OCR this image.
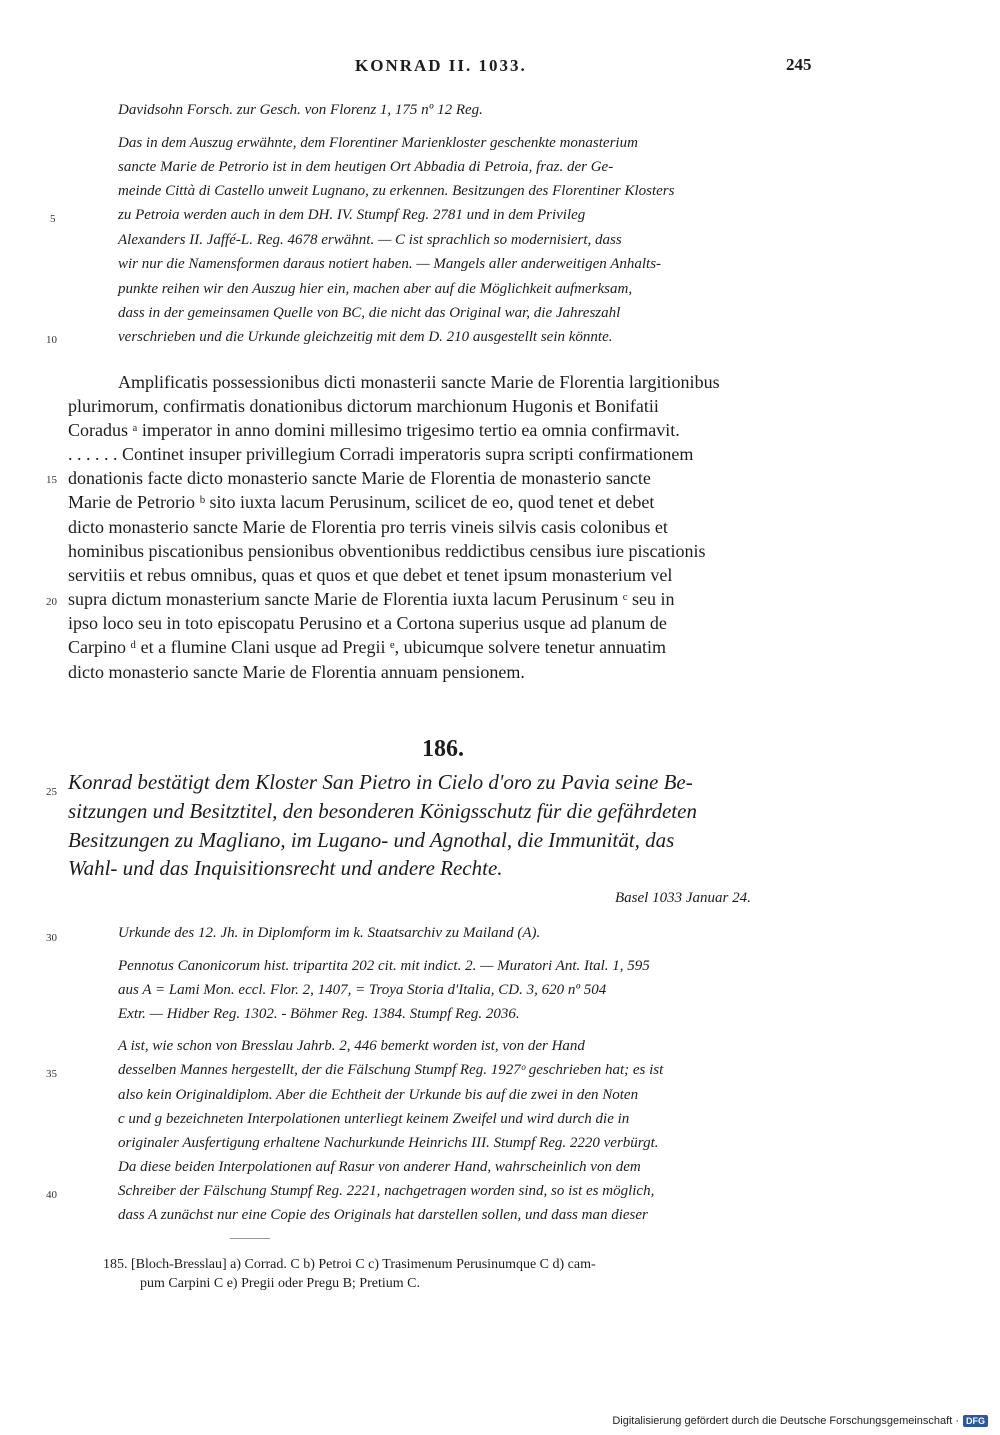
KONRAD II. 1033.	245
Davidsohn Forsch. zur Gesch. von Florenz 1, 175 nº 12 Reg.
Das in dem Auszug erwähnte, dem Florentiner Marienkloster geschenkte monasterium
sancte Marie de Petrorio ist in dem heutigen Ort Abbadia di Petroia, fraz. der Ge-
meinde Città di Castello unweit Lugnano, zu erkennen. Besitzungen des Florentiner Klosters
zu Petroia werden auch in dem DH. IV. Stumpf Reg. 2781 und in dem Privileg
Alexanders II. Jaffé-L. Reg. 4678 erwähnt. — C ist sprachlich so modernisiert, dass
wir nur die Namensformen daraus notiert haben. — Mangels aller anderweitigen Anhalts-
punkte reihen wir den Auszug hier ein, machen aber auf die Möglichkeit aufmerksam,
dass in der gemeinsamen Quelle von BC, die nicht das Original war, die Jahreszahl
verschrieben und die Urkunde gleichzeitig mit dem D. 210 ausgestellt sein könnte.
Amplificatis possessionibus dicti monasterii sancte Marie de Florentia largitionibus
plurimorum, confirmatis donationibus dictorum marchionum Hugonis et Bonifatii
Coradus ᵃ imperator in anno domini millesimo trigesimo tertio ea omnia confirmavit.
. . . . . . Continet insuper privillegium Corradi imperatoris supra scripti confirmationem
donationis facte dicto monasterio sancte Marie de Florentia de monasterio sancte
Marie de Petrorio ᵇ sito iuxta lacum Perusinum, scilicet de eo, quod tenet et debet
dicto monasterio sancte Marie de Florentia pro terris vineis silvis casis colonibus et
hominibus piscationibus pensionibus obventionibus reddictibus censibus iure piscationis
servitiis et rebus omnibus, quas et quos et que debet et tenet ipsum monasterium vel
supra dictum monasterium sancte Marie de Florentia iuxta lacum Perusinum ᶜ seu in
ipso loco seu in toto episcopatu Perusino et a Cortona superius usque ad planum de
Carpino ᵈ et a flumine Clani usque ad Pregii ᵉ, ubicumque solvere tenetur annuatim
dicto monasterio sancte Marie de Florentia annuam pensionem.
186.
Konrad bestätigt dem Kloster San Pietro in Cielo d'oro zu Pavia seine Be-
sitzungen und Besitztitel, den besonderen Königsschutz für die gefährdeten
Besitzungen zu Magliano, im Lugano- und Agnothal, die Immunität, das
Wahl- und das Inquisitionsrecht und andere Rechte.
Basel 1033 Januar 24.
Urkunde des 12. Jh. in Diplomform im k. Staatsarchiv zu Mailand (A).
Pennotus Canonicorum hist. tripartita 202 cit. mit indict. 2. — Muratori Ant. Ital. 1, 595
aus A = Lami Mon. eccl. Flor. 2, 1407, = Troya Storia d'Italia, CD. 3, 620 nº 504
Extr. — Hidber Reg. 1302. - Böhmer Reg. 1384. Stumpf Reg. 2036.
A ist, wie schon von Bresslau Jahrb. 2, 446 bemerkt worden ist, von der Hand
desselben Mannes hergestellt, der die Fälschung Stumpf Reg. 1927ᵒ geschrieben hat; es ist
also kein Originaldiplom. Aber die Echtheit der Urkunde bis auf die zwei in den Noten
c und g bezeichneten Interpolationen unterliegt keinem Zweifel und wird durch die in
originaler Ausfertigung erhaltene Nachurkunde Heinrichs III. Stumpf Reg. 2220 verbürgt.
Da diese beiden Interpolationen auf Rasur von anderer Hand, wahrscheinlich von dem
Schreiber der Fälschung Stumpf Reg. 2221, nachgetragen worden sind, so ist es möglich,
dass A zunächst nur eine Copie des Originals hat darstellen sollen, und dass man dieser
185. [Bloch-Bresslau] a) Corrad. C b) Petroi C c) Trasimenum Perusinumque C d) cam-
pum Carpini C e) Pregii oder Pregu B; Pretium C.
5
10
15
20
25
30
35
40
Digitalisierung gefördert durch die Deutsche Forschungsgemeinschaft · DFG
